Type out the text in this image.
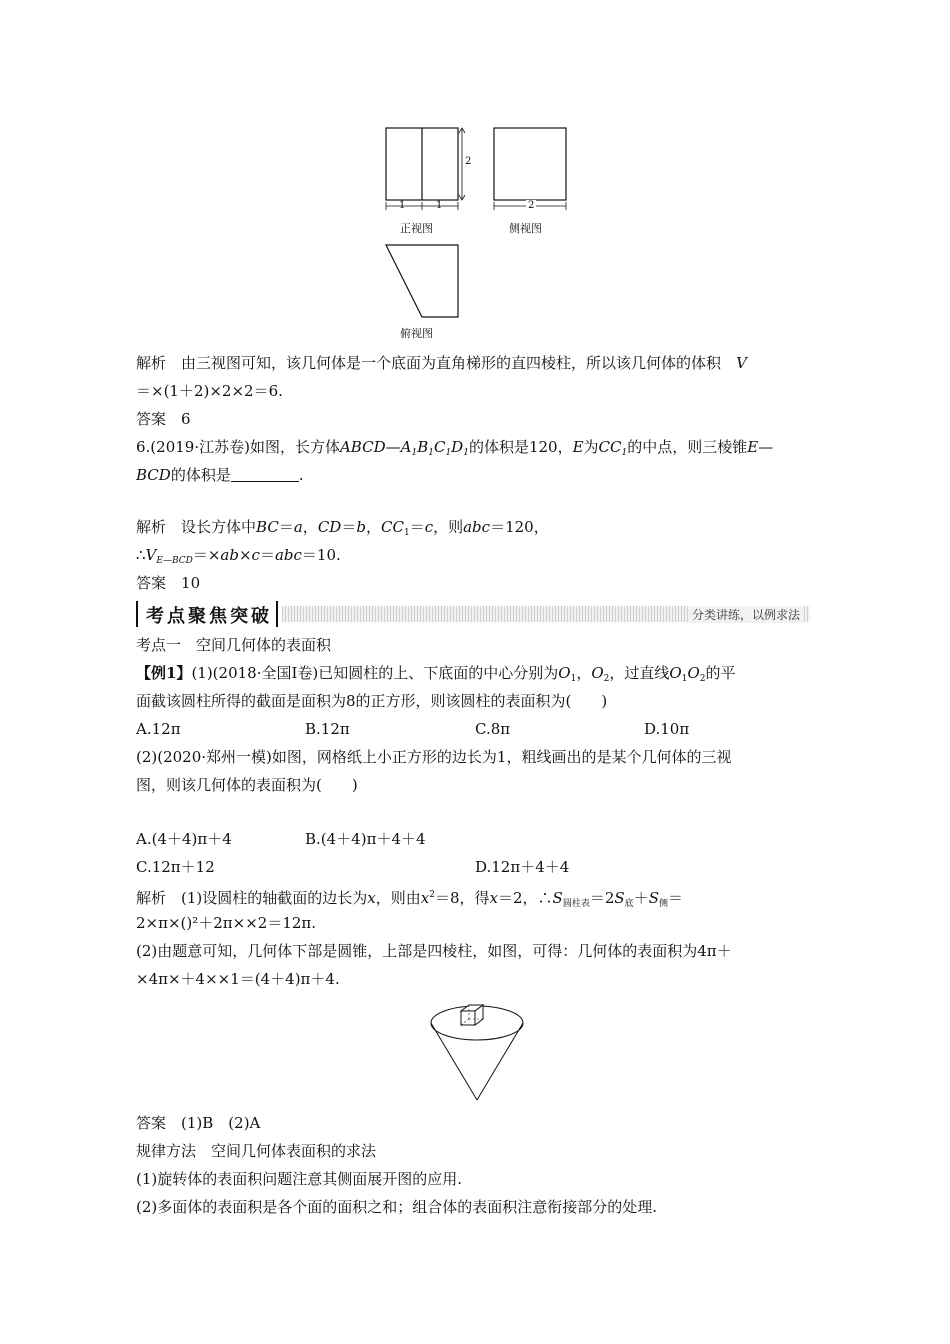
1	1
2
2
正视图	侧视图
俯视图
解析　 由三视图可知，该几何体是一个底面为直角梯形的直四棱柱，所以该几何体的体积　 V
＝×(1＋2)×2×2＝6.
答案　 6
6.(2019·江苏卷)如图，长方体$ABCD—A_1B_1C_1D_1$的体积是120，E为$CC_1$的中点，则三棱锥E—
BCD的体积是	.
解析　 设长方体中BC＝a，CD＝b，$CC_1=c$，则abc＝120，
$\therefore V_{E—BCD}=\times ab\times c=abc=10$.
答案　 10
考点聚焦突破	分类讲练，以例求法
考点一　空间几何体的表面积
【例1】(1)(2018·全国Ⅰ卷)已知圆柱的上、下底面的中心分别为$O_1$，$O_2$，过直线$O_1O_2$的平
面截该圆柱所得的截面是面积为8的正方形，则该圆柱的表面积为(　　)
A.12π	B.12π	C.8π	D.10π
(2)(2020·郑州一模)如图，网格纸上小正方形的边长为1，粗线画出的是某个几何体的三视
图，则该几何体的表面积为(　　)
A.(4＋4)π＋4	B.(4＋4)π＋4＋4
C.12π＋12	D.12π＋4＋4
解析　 (1)设圆柱的轴截面的边长为x，则由$x^2=8$，得x＝2，$\therefore S_{圆柱表}=2S_底+S_侧=$
2×π×()²＋2π××2＝12π.
(2)由题意可知，几何体下部是圆锥，上部是四棱柱，如图，可得：几何体的表面积为4π＋
×4π×＋4××1＝(4＋4)π＋4.
答案　 (1)B　(2)A
规律方法　空间几何体表面积的求法
(1)旋转体的表面积问题注意其侧面展开图的应用.
(2)多面体的表面积是各个面的面积之和；组合体的表面积注意衔接部分的处理.
